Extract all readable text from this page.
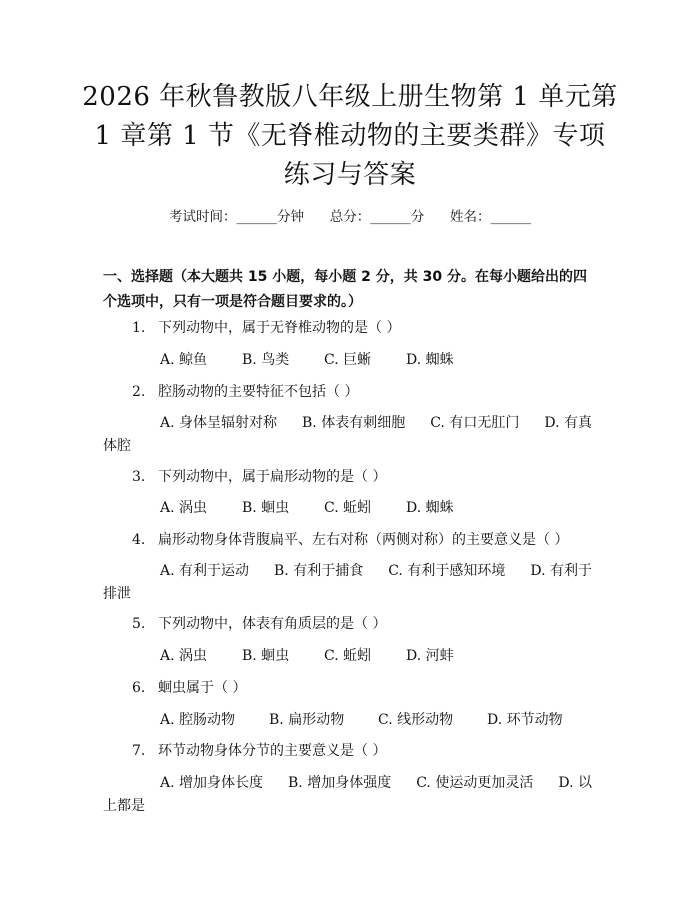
2026 年秋鲁教版八年级上册生物第 1 单元第
1 章第 1 节《无脊椎动物的主要类群》专项
练习与答案
考试时间：______分钟      总分：______分      姓名：______
一、选择题（本大题共 15 小题，每小题 2 分，共 30 分。在每小题给出的四个选项中，只有一项是符合题目要求的。）
1. 下列动物中，属于无脊椎动物的是（ ）
A. 鲸鱼 B. 鸟类 C. 巨蜥 D. 蜘蛛
2. 腔肠动物的主要特征不包括（ ）
A. 身体呈辐射对称 B. 体表有刺细胞 C. 有口无肛门 D. 有真体腔
3. 下列动物中，属于扁形动物的是（ ）
A. 涡虫 B. 蛔虫 C. 蚯蚓 D. 蜘蛛
4. 扁形动物身体背腹扁平、左右对称（两侧对称）的主要意义是（ ）
A. 有利于运动 B. 有利于捕食 C. 有利于感知环境 D. 有利于排泄
5. 下列动物中，体表有角质层的是（ ）
A. 涡虫 B. 蛔虫 C. 蚯蚓 D. 河蚌
6. 蛔虫属于（ ）
A. 腔肠动物 B. 扁形动物 C. 线形动物 D. 环节动物
7. 环节动物身体分节的主要意义是（ ）
A. 增加身体长度 B. 增加身体强度 C. 使运动更加灵活 D. 以上都是
